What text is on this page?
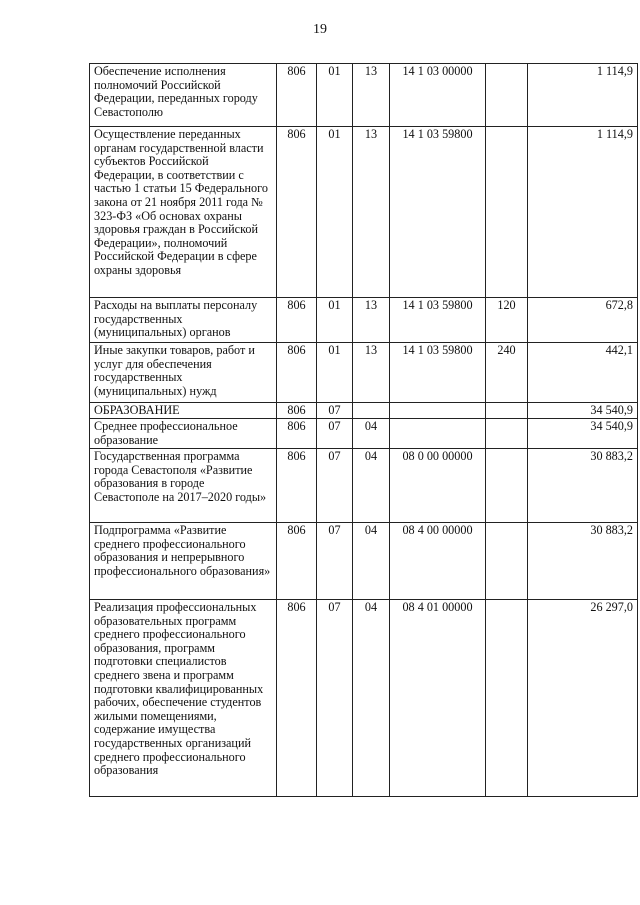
19
Обеспечение исполнения полномочий Российской Федерации, переданных городу Севастополю	806	01	13	14 1 03 00000		1 114,9
Осуществление переданных органам государственной власти субъектов Российской Федерации, в соответствии с частью 1 статьи 15 Федерального закона от 21 ноября 2011 года № 323-ФЗ «Об основах охраны здоровья граждан в Российской Федерации», полномочий Российской Федерации в сфере охраны здоровья	806	01	13	14 1 03 59800		1 114,9
Расходы на выплаты персоналу государственных (муниципальных) органов	806	01	13	14 1 03 59800	120	672,8
Иные закупки товаров, работ и услуг для обеспечения государственных (муниципальных) нужд	806	01	13	14 1 03 59800	240	442,1
ОБРАЗОВАНИЕ	806	07				34 540,9
Среднее профессиональное образование	806	07	04			34 540,9
Государственная программа города Севастополя «Развитие образования в городе Севастополе на 2017–2020 годы»	806	07	04	08 0 00 00000		30 883,2
Подпрограмма «Развитие среднего профессионального образования и непрерывного профессионального образования»	806	07	04	08 4 00 00000		30 883,2
Реализация профессиональных образовательных программ среднего профессионального образования, программ подготовки специалистов среднего звена и программ подготовки квалифицированных рабочих, обеспечение студентов жилыми помещениями, содержание имущества государственных организаций среднего профессионального образования	806	07	04	08 4 01 00000		26 297,0
